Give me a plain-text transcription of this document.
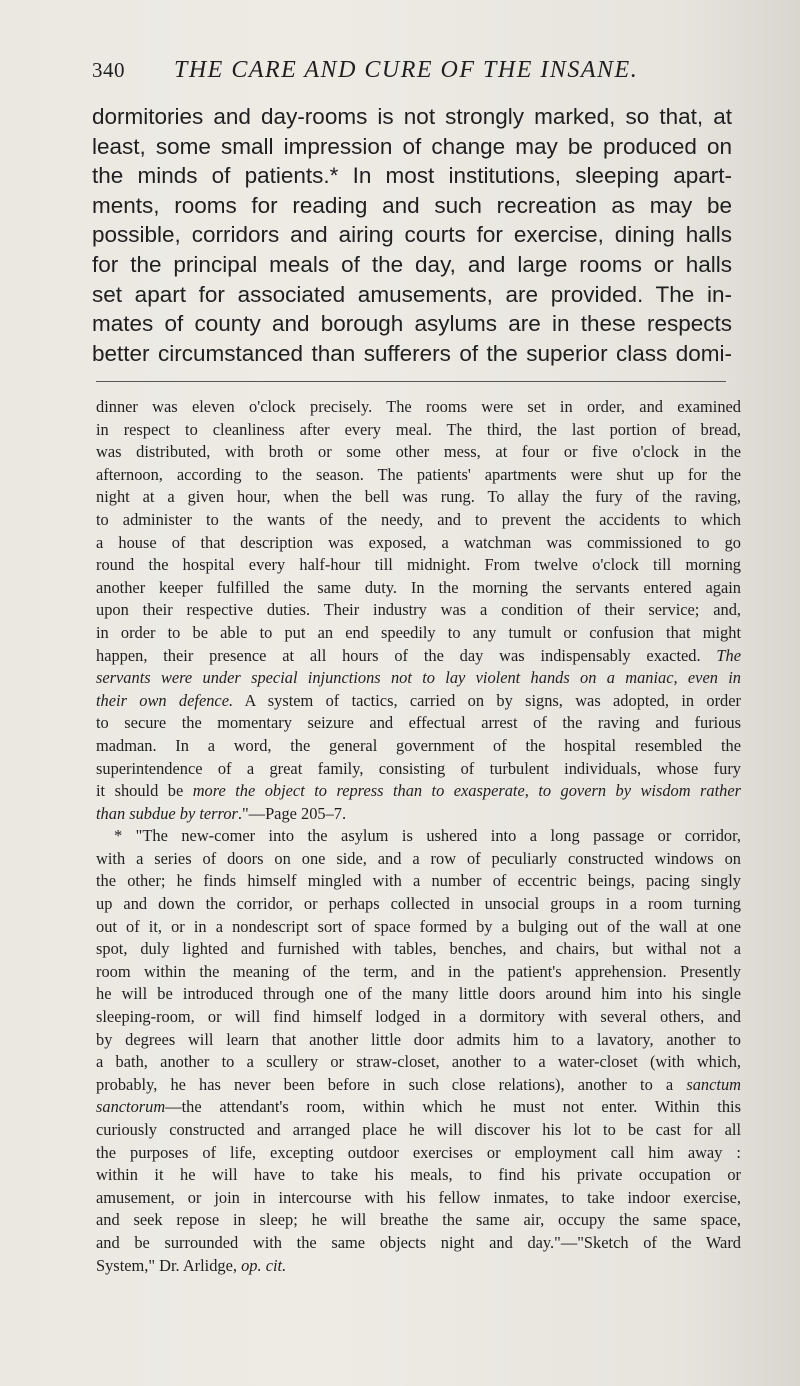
340 THE CARE AND CURE OF THE INSANE.
dormitories and day-rooms is not strongly marked, so that, at
least, some small impression of change may be produced on
the minds of patients.* In most institutions, sleeping apart-
ments, rooms for reading and such recreation as may be
possible, corridors and airing courts for exercise, dining halls
for the principal meals of the day, and large rooms or halls
set apart for associated amusements, are provided. The in-
mates of county and borough asylums are in these respects
better circumstanced than sufferers of the superior class domi-
dinner was eleven o'clock precisely. The rooms were set in order, and examined
in respect to cleanliness after every meal. The third, the last portion of bread,
was distributed, with broth or some other mess, at four or five o'clock in the
afternoon, according to the season. The patients' apartments were shut up for the
night at a given hour, when the bell was rung. To allay the fury of the raving,
to administer to the wants of the needy, and to prevent the accidents to which
a house of that description was exposed, a watchman was commissioned to go
round the hospital every half-hour till midnight. From twelve o'clock till morning
another keeper fulfilled the same duty. In the morning the servants entered again
upon their respective duties. Their industry was a condition of their service; and,
in order to be able to put an end speedily to any tumult or confusion that might
happen, their presence at all hours of the day was indispensably exacted. The
servants were under special injunctions not to lay violent hands on a maniac, even in
their own defence. A system of tactics, carried on by signs, was adopted, in order
to secure the momentary seizure and effectual arrest of the raving and furious
madman. In a word, the general government of the hospital resembled the
superintendence of a great family, consisting of turbulent individuals, whose fury
it should be more the object to repress than to exasperate, to govern by wisdom rather
than subdue by terror."—Page 205–7.
* "The new-comer into the asylum is ushered into a long passage or corridor,
with a series of doors on one side, and a row of peculiarly constructed windows on
the other; he finds himself mingled with a number of eccentric beings, pacing singly
up and down the corridor, or perhaps collected in unsocial groups in a room turning
out of it, or in a nondescript sort of space formed by a bulging out of the wall at one
spot, duly lighted and furnished with tables, benches, and chairs, but withal not a
room within the meaning of the term, and in the patient's apprehension. Presently
he will be introduced through one of the many little doors around him into his single
sleeping-room, or will find himself lodged in a dormitory with several others, and
by degrees will learn that another little door admits him to a lavatory, another to
a bath, another to a scullery or straw-closet, another to a water-closet (with which,
probably, he has never been before in such close relations), another to a sanctum
sanctorum—the attendant's room, within which he must not enter. Within this
curiously constructed and arranged place he will discover his lot to be cast for all
the purposes of life, excepting outdoor exercises or employment call him away :
within it he will have to take his meals, to find his private occupation or
amusement, or join in intercourse with his fellow inmates, to take indoor exercise,
and seek repose in sleep; he will breathe the same air, occupy the same space,
and be surrounded with the same objects night and day."—"Sketch of the Ward
System," Dr. Arlidge, op. cit.
